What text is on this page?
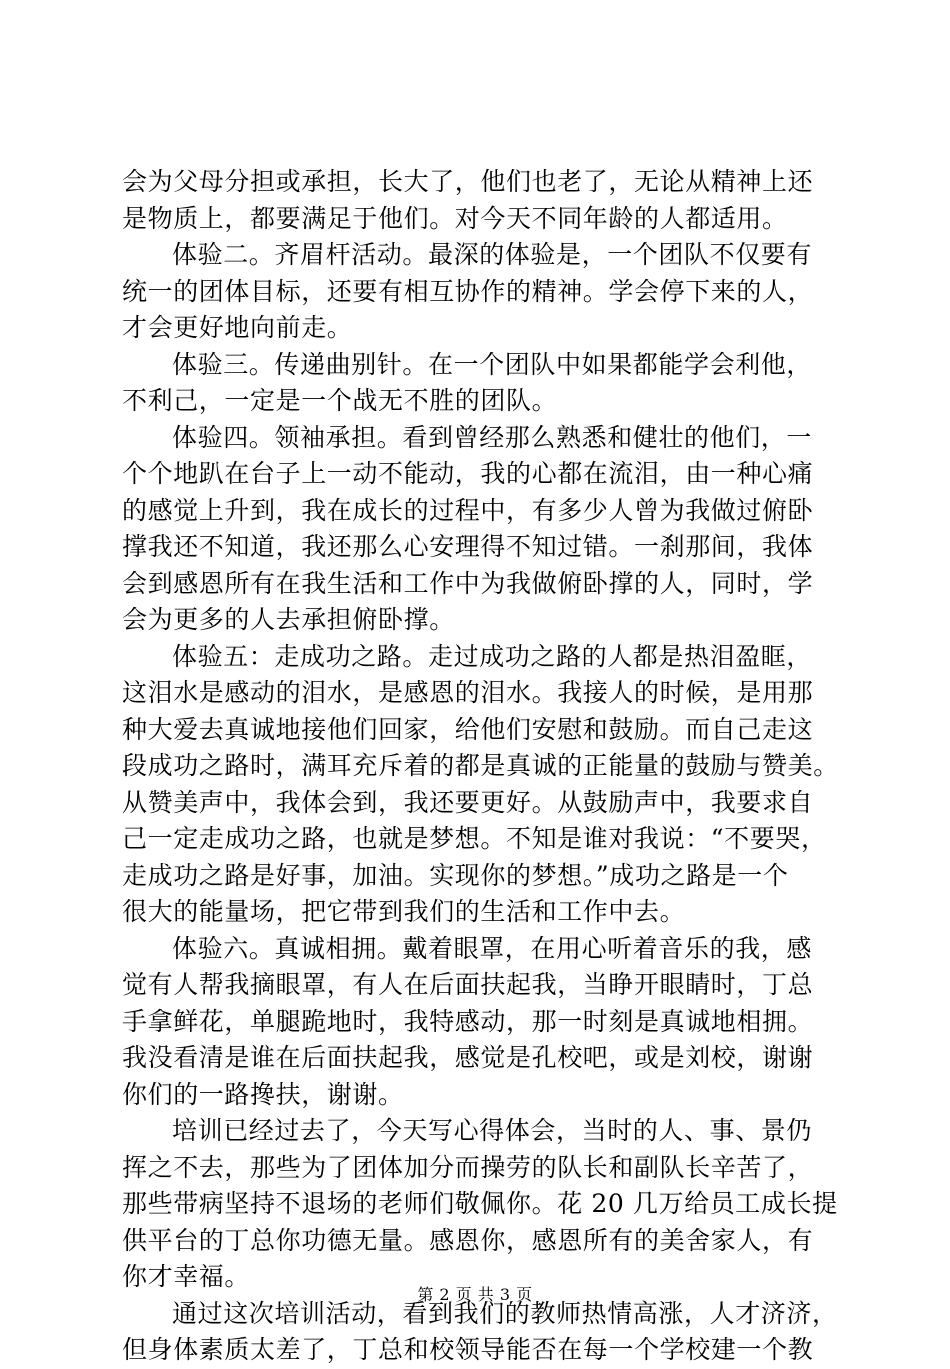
会为父母分担或承担，长大了，他们也老了，无论从精神上还
是物质上，都要满足于他们。对今天不同年龄的人都适用。
体验二。齐眉杆活动。最深的体验是，一个团队不仅要有
统一的团体目标，还要有相互协作的精神。学会停下来的人，
才会更好地向前走。
体验三。传递曲别针。在一个团队中如果都能学会利他，
不利己，一定是一个战无不胜的团队。
体验四。领袖承担。看到曾经那么熟悉和健壮的他们，一
个个地趴在台子上一动不能动，我的心都在流泪，由一种心痛
的感觉上升到，我在成长的过程中，有多少人曾为我做过俯卧
撑我还不知道，我还那么心安理得不知过错。一刹那间，我体
会到感恩所有在我生活和工作中为我做俯卧撑的人，同时，学
会为更多的人去承担俯卧撑。
体验五：走成功之路。走过成功之路的人都是热泪盈眶，
这泪水是感动的泪水，是感恩的泪水。我接人的时候，是用那
种大爱去真诚地接他们回家，给他们安慰和鼓励。而自己走这
段成功之路时，满耳充斥着的都是真诚的正能量的鼓励与赞美。
从赞美声中，我体会到，我还要更好。从鼓励声中，我要求自
己一定走成功之路，也就是梦想。不知是谁对我说：“不要哭，
走成功之路是好事，加油。实现你的梦想。”成功之路是一个
很大的能量场，把它带到我们的生活和工作中去。
体验六。真诚相拥。戴着眼罩，在用心听着音乐的我，感
觉有人帮我摘眼罩，有人在后面扶起我，当睁开眼睛时，丁总
手拿鲜花，单腿跪地时，我特感动，那一时刻是真诚地相拥。
我没看清是谁在后面扶起我，感觉是孔校吧，或是刘校，谢谢
你们的一路搀扶，谢谢。
培训已经过去了，今天写心得体会，当时的人、事、景仍
挥之不去，那些为了团体加分而操劳的队长和副队长辛苦了，
那些带病坚持不退场的老师们敬佩你。花 20 几万给员工成长提
供平台的丁总你功德无量。感恩你，感恩所有的美舍家人，有
你才幸福。
通过这次培训活动，看到我们的教师热情高涨，人才济济，
但身体素质太差了，丁总和校领导能否在每一个学校建一个教
第 2 页 共 3 页
